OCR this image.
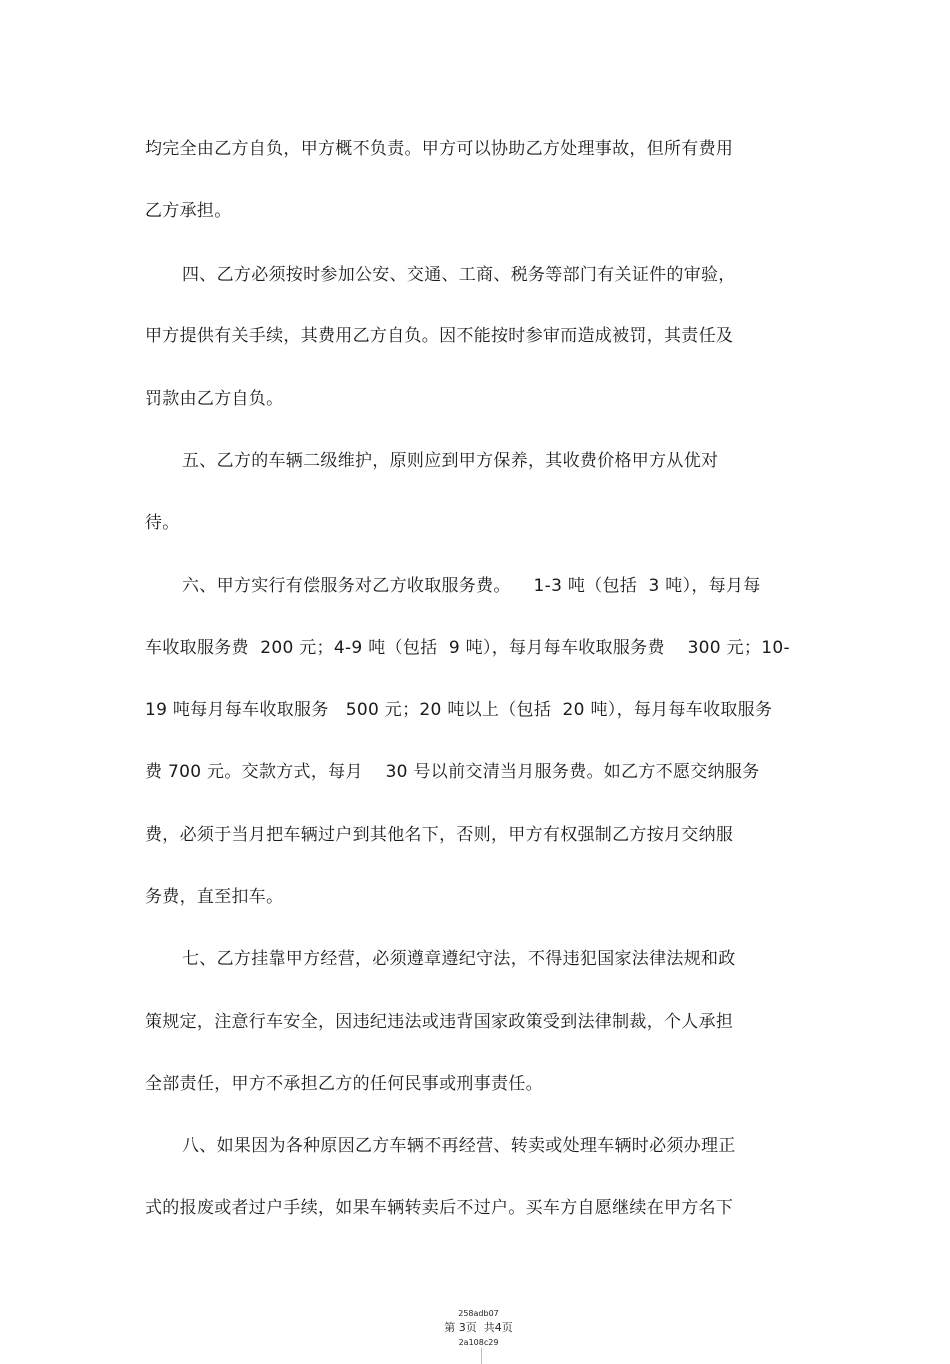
均完全由乙方自负，甲方概不负责。甲方可以协助乙方处理事故，但所有费用

乙方承担。

四、乙方必须按时参加公安、交通、工商、税务等部门有关证件的审验，

甲方提供有关手续，其费用乙方自负。因不能按时参审而造成被罚，其责任及

罚款由乙方自负。

五、乙方的车辆二级维护，原则应到甲方保养，其收费价格甲方从优对

待。

六、甲方实行有偿服务对乙方收取服务费。    1-3 吨（包括  3 吨），每月每

车收取服务费  200 元；4-9 吨（包括  9 吨），每月每车收取服务费    300 元；10-

19 吨每月每车收取服务   500 元；20 吨以上（包括  20 吨），每月每车收取服务

费 700 元。交款方式，每月    30 号以前交清当月服务费。如乙方不愿交纳服务

费，必须于当月把车辆过户到其他名下，否则，甲方有权强制乙方按月交纳服

务费，直至扣车。

七、乙方挂靠甲方经营，必须遵章遵纪守法，不得违犯国家法律法规和政

策规定，注意行车安全，因违纪违法或违背国家政策受到法律制裁，个人承担

全部责任，甲方不承担乙方的任何民事或刑事责任。

八、如果因为各种原因乙方车辆不再经营、转卖或处理车辆时必须办理正

式的报废或者过户手续，如果车辆转卖后不过户。买车方自愿继续在甲方名下

258adb07
第 3页  共4页
2a108c29
